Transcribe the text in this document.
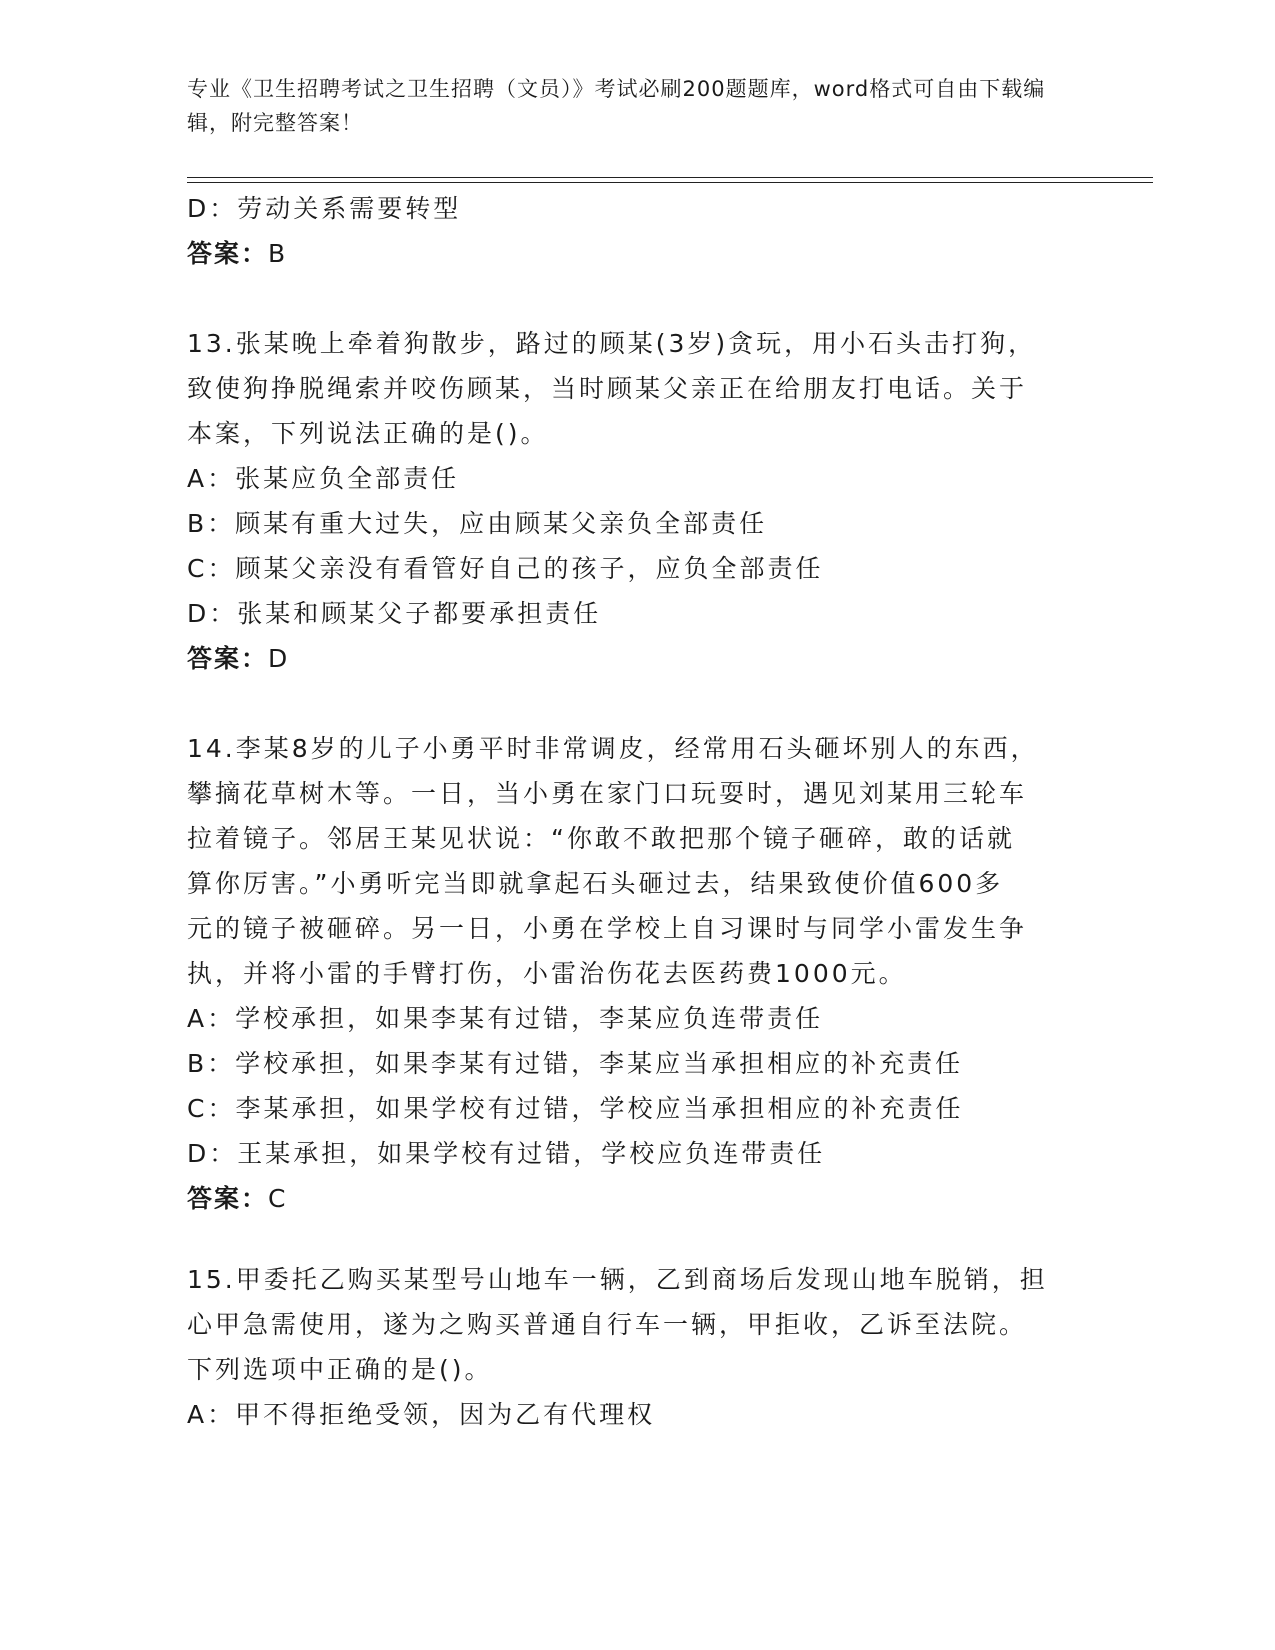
专业《卫生招聘考试之卫生招聘（文员）》考试必刷200题题库，word格式可自由下载编辑，附完整答案！
D：劳动关系需要转型
答案：B
13.张某晚上牵着狗散步，路过的顾某(3岁)贪玩，用小石头击打狗，
致使狗挣脱绳索并咬伤顾某，当时顾某父亲正在给朋友打电话。关于
本案，下列说法正确的是()。
A：张某应负全部责任
B：顾某有重大过失，应由顾某父亲负全部责任
C：顾某父亲没有看管好自己的孩子，应负全部责任
D：张某和顾某父子都要承担责任
答案：D
14.李某8岁的儿子小勇平时非常调皮，经常用石头砸坏别人的东西，
攀摘花草树木等。一日，当小勇在家门口玩耍时，遇见刘某用三轮车
拉着镜子。邻居王某见状说：“你敢不敢把那个镜子砸碎，敢的话就
算你厉害。”小勇听完当即就拿起石头砸过去，结果致使价值600多
元的镜子被砸碎。另一日，小勇在学校上自习课时与同学小雷发生争
执，并将小雷的手臂打伤，小雷治伤花去医药费1000元。
A：学校承担，如果李某有过错，李某应负连带责任
B：学校承担，如果李某有过错，李某应当承担相应的补充责任
C：李某承担，如果学校有过错，学校应当承担相应的补充责任
D：王某承担，如果学校有过错，学校应负连带责任
答案：C
15.甲委托乙购买某型号山地车一辆，乙到商场后发现山地车脱销，担
心甲急需使用，遂为之购买普通自行车一辆，甲拒收，乙诉至法院。
下列选项中正确的是()。
A：甲不得拒绝受领，因为乙有代理权
